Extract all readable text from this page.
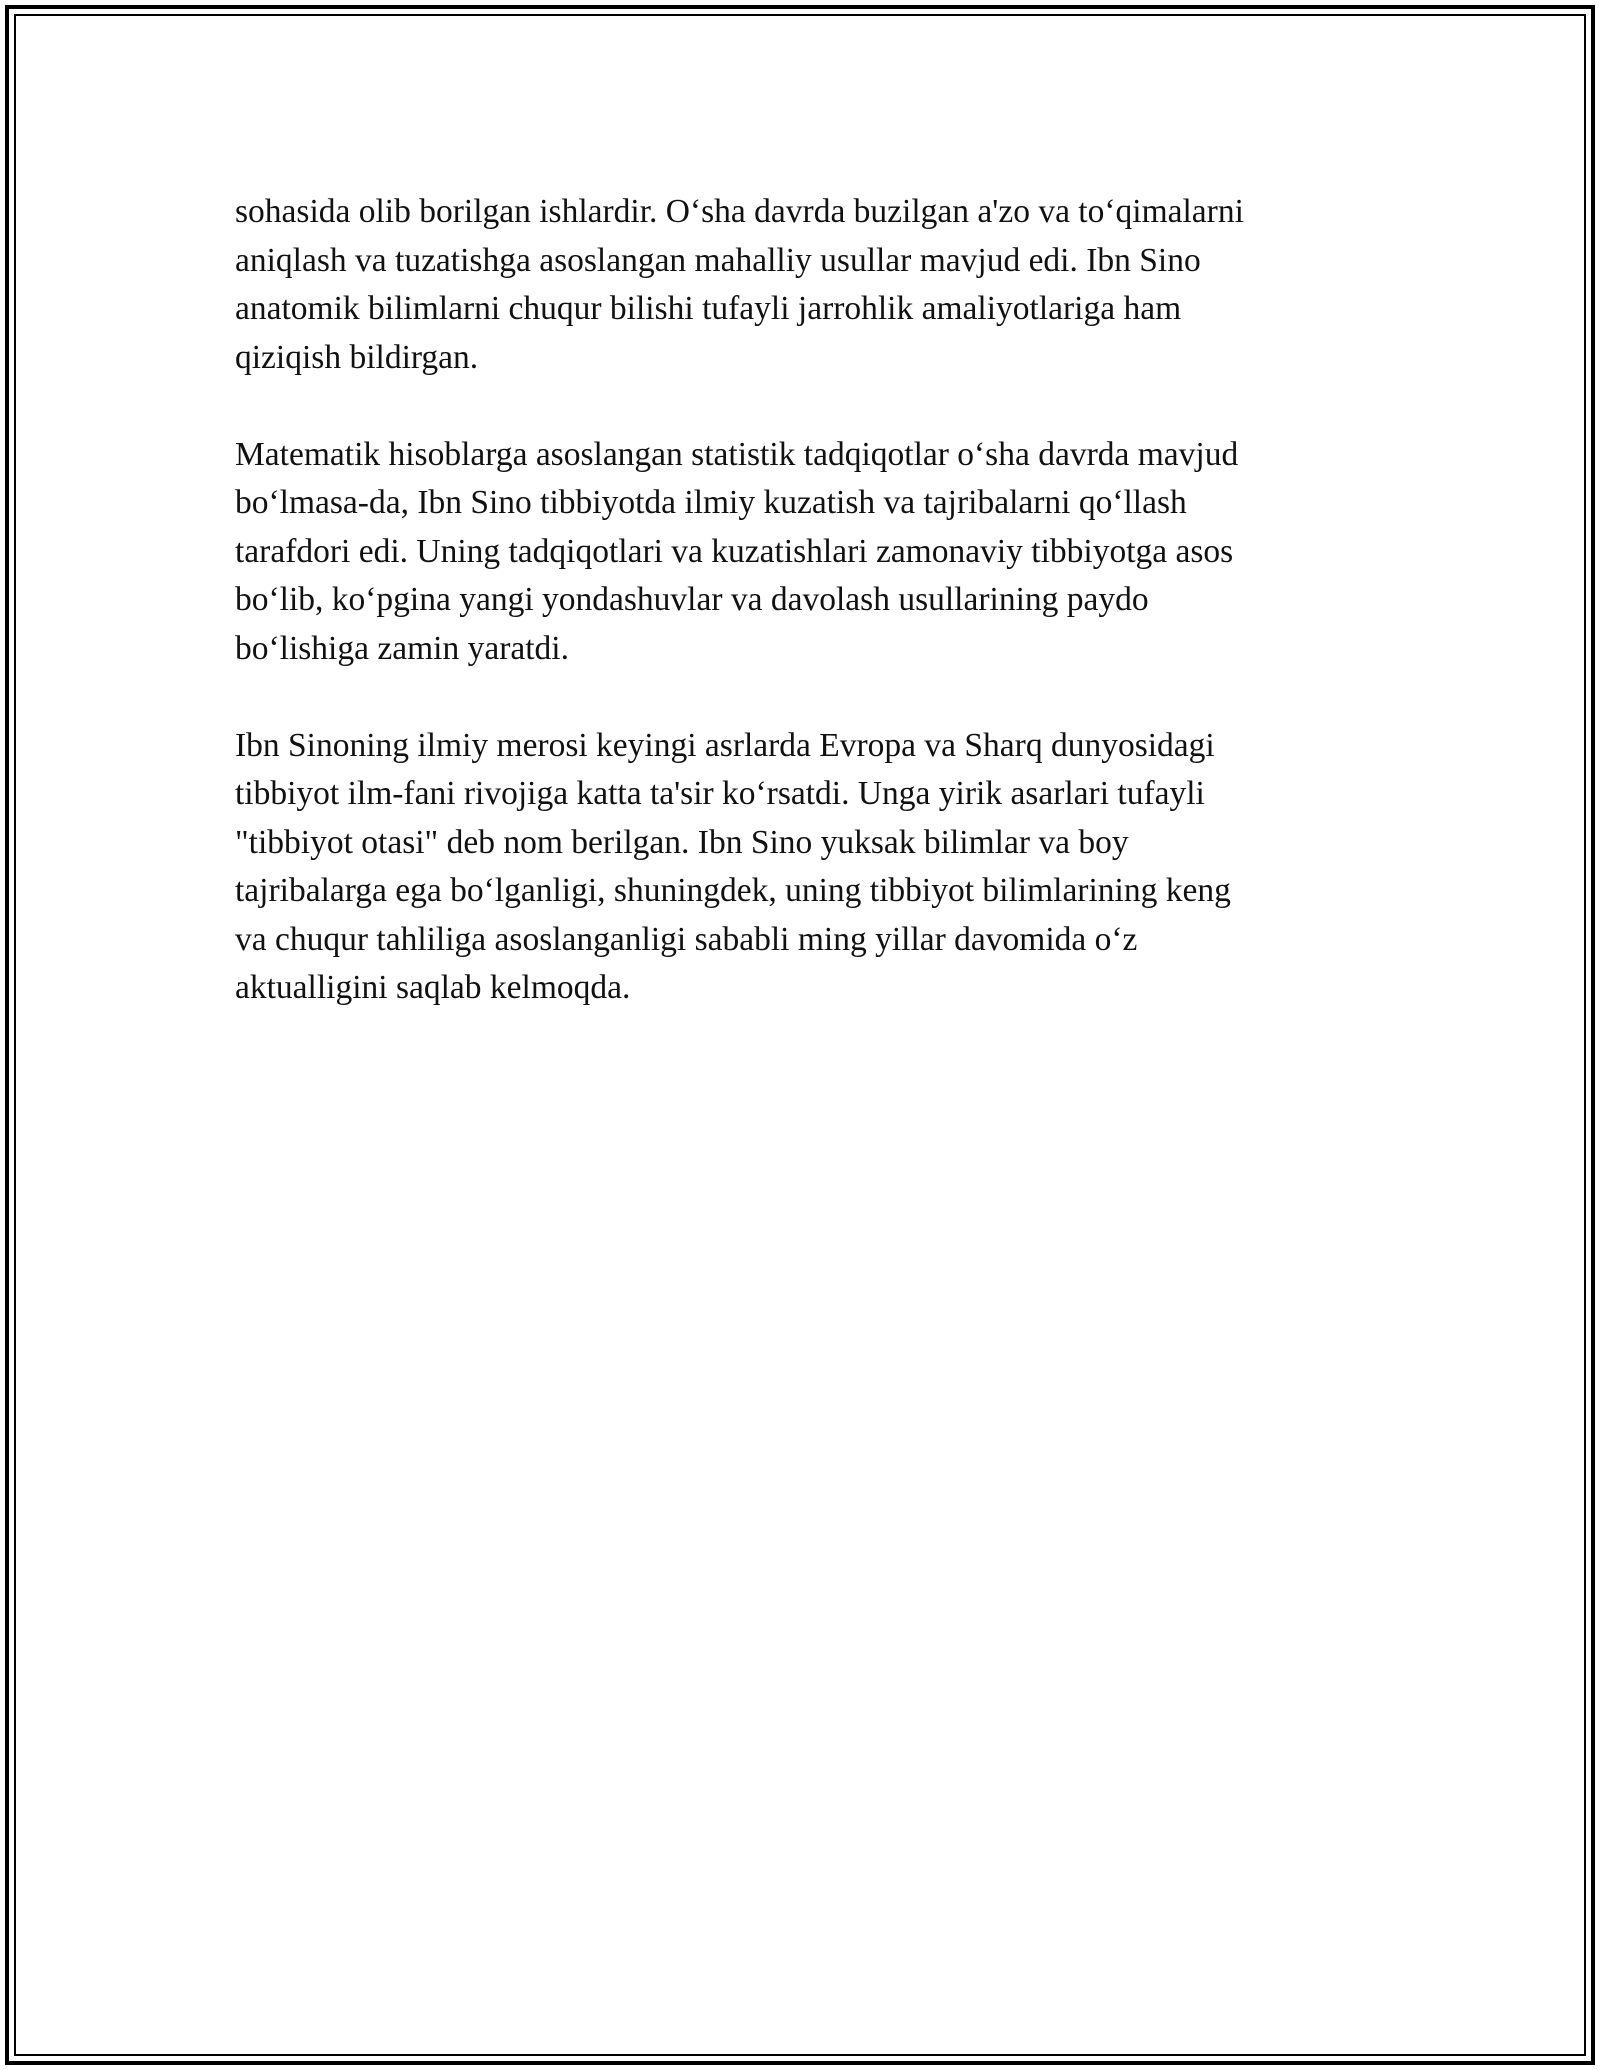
sohasida olib borilgan ishlardir. O‘sha davrda buzilgan a'zo va to‘qimalarni
aniqlash va tuzatishga asoslangan mahalliy usullar mavjud edi. Ibn Sino
anatomik bilimlarni chuqur bilishi tufayli jarrohlik amaliyotlariga ham
qiziqish bildirgan.

Matematik hisoblarga asoslangan statistik tadqiqotlar o‘sha davrda mavjud
bo‘lmasa-da, Ibn Sino tibbiyotda ilmiy kuzatish va tajribalarni qo‘llash
tarafdori edi. Uning tadqiqotlari va kuzatishlari zamonaviy tibbiyotga asos
bo‘lib, ko‘pgina yangi yondashuvlar va davolash usullarining paydo
bo‘lishiga zamin yaratdi.

Ibn Sinoning ilmiy merosi keyingi asrlarda Evropa va Sharq dunyosidagi
tibbiyot ilm-fani rivojiga katta ta'sir ko‘rsatdi. Unga yirik asarlari tufayli
"tibbiyot otasi" deb nom berilgan. Ibn Sino yuksak bilimlar va boy
tajribalarga ega bo‘lganligi, shuningdek, uning tibbiyot bilimlarining keng
va chuqur tahliliga asoslanganligi sababli ming yillar davomida o‘z
aktualligini saqlab kelmoqda.
